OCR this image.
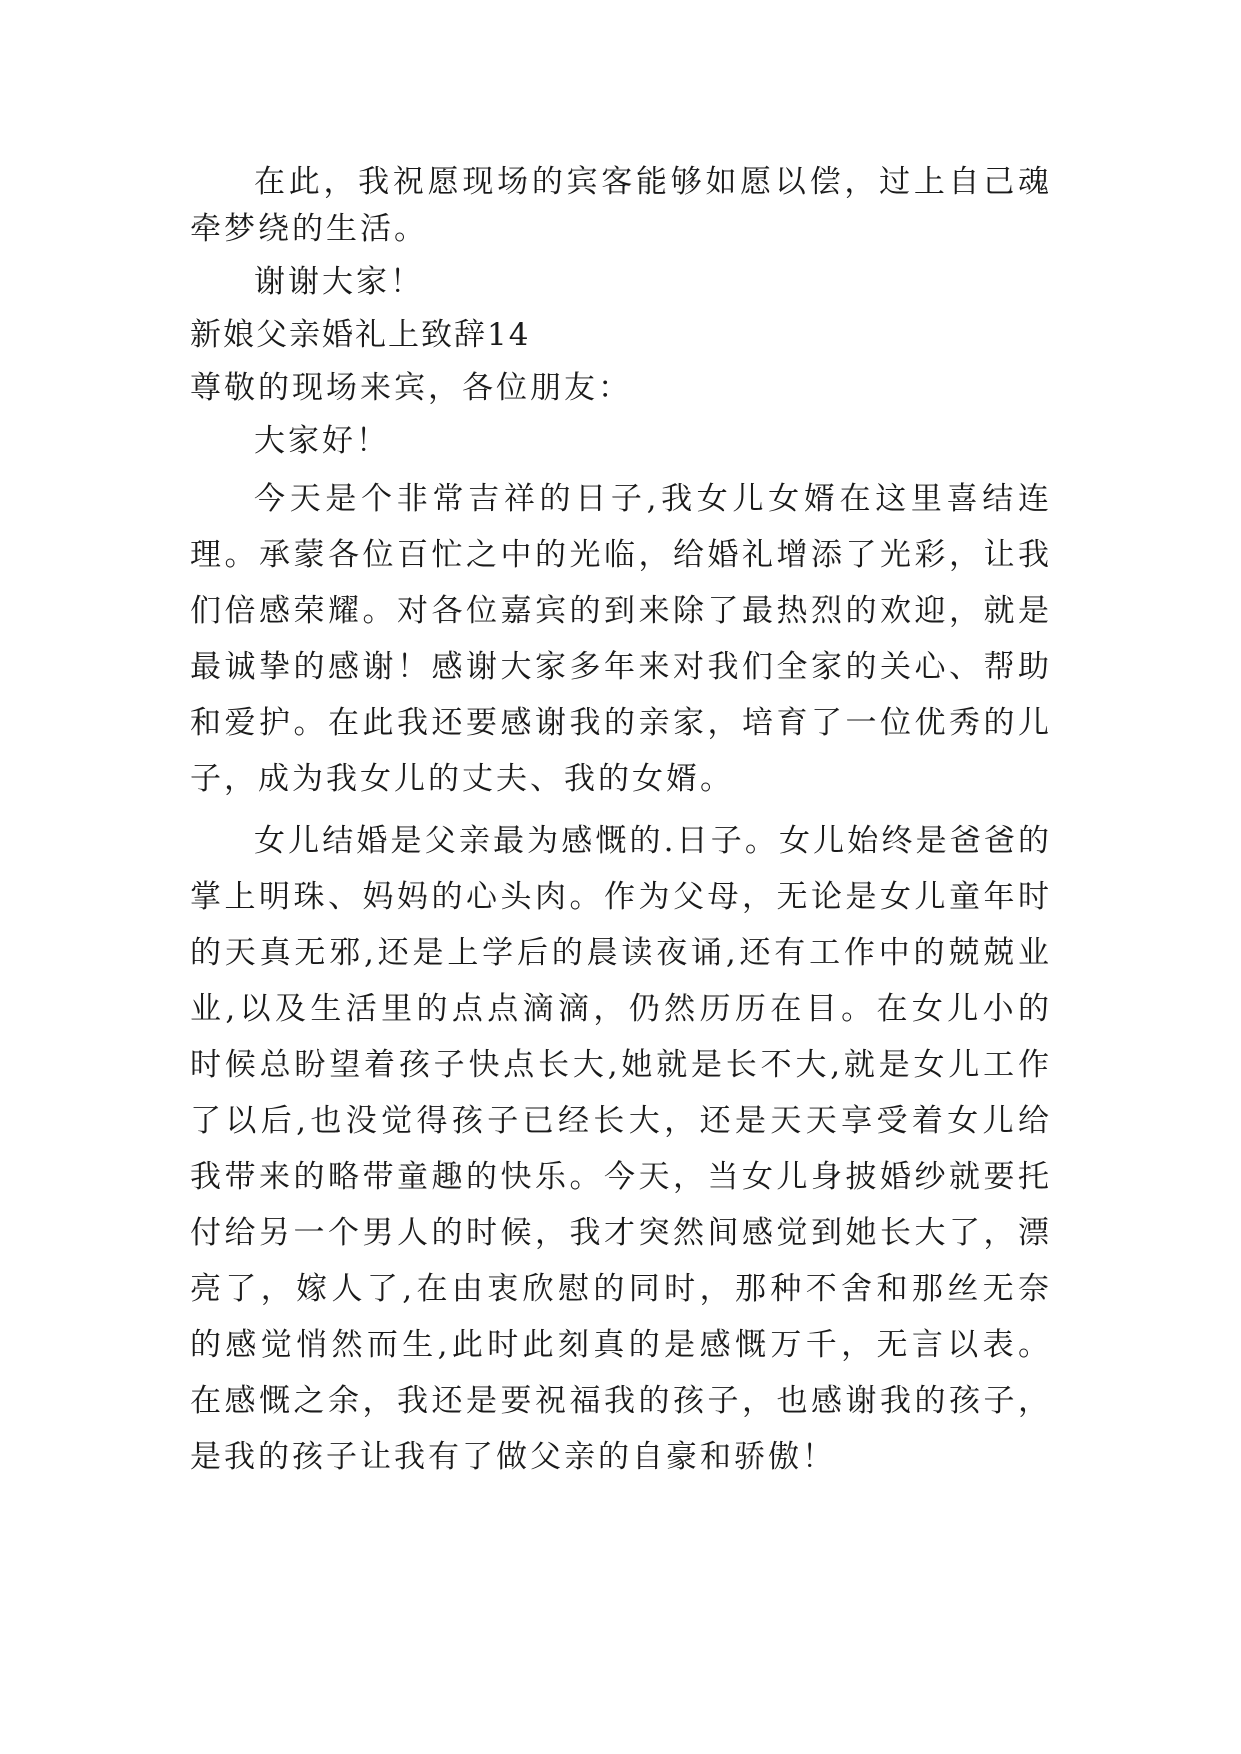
在此，我祝愿现场的宾客能够如愿以偿，过上自己魂牵梦绕的生活。

谢谢大家！

新娘父亲婚礼上致辞14

尊敬的现场来宾，各位朋友：

大家好！

今天是个非常吉祥的日子,我女儿女婿在这里喜结连理。承蒙各位百忙之中的光临，给婚礼增添了光彩，让我们倍感荣耀。对各位嘉宾的到来除了最热烈的欢迎，就是最诚挚的感谢！感谢大家多年来对我们全家的关心、帮助和爱护。在此我还要感谢我的亲家，培育了一位优秀的儿子，成为我女儿的丈夫、我的女婿。

女儿结婚是父亲最为感慨的.日子。女儿始终是爸爸的掌上明珠、妈妈的心头肉。作为父母，无论是女儿童年时的天真无邪,还是上学后的晨读夜诵,还有工作中的兢兢业业,以及生活里的点点滴滴，仍然历历在目。在女儿小的时候总盼望着孩子快点长大,她就是长不大,就是女儿工作了以后,也没觉得孩子已经长大，还是天天享受着女儿给我带来的略带童趣的快乐。今天，当女儿身披婚纱就要托付给另一个男人的时候，我才突然间感觉到她长大了，漂亮了，嫁人了,在由衷欣慰的同时，那种不舍和那丝无奈的感觉悄然而生,此时此刻真的是感慨万千，无言以表。在感慨之余，我还是要祝福我的孩子，也感谢我的孩子，是我的孩子让我有了做父亲的自豪和骄傲！
